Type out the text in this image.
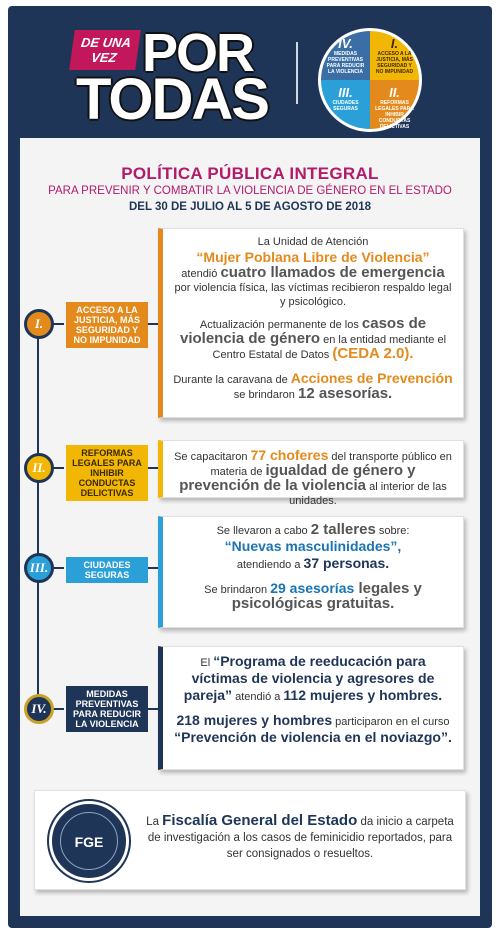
DE UNA VEZ POR
TODAS
IV.
MEDIDAS PREVENTIVAS PARA REDUCIR LA VIOLENCIA
I.
ACCESO A LA JUSTICIA, MÁS SEGURIDAD Y NO IMPUNIDAD
III.
CIUDADES SEGURAS
II.
REFORMAS LEGALES PARA INHIBIR CONDUCTAS DELICTIVAS
POLÍTICA PÚBLICA INTEGRAL
PARA PREVENIR Y COMBATIR LA VIOLENCIA DE GÉNERO EN EL ESTADO
DEL 30 DE JULIO AL 5 DE AGOSTO DE 2018
I.
ACCESO A LA JUSTICIA, MÁS SEGURIDAD Y NO IMPUNIDAD

La Unidad de Atención
“Mujer Poblana Libre de Violencia”
atendió cuatro llamados de emergencia por violencia física, las víctimas recibieron respaldo legal y psicológico.

Actualización permanente de los casos de violencia de género en la entidad mediante el Centro Estatal de Datos (CEDA 2.0).

Durante la caravana de Acciones de Prevención se brindaron 12 asesorías.

II.
REFORMAS LEGALES PARA INHIBIR CONDUCTAS DELICTIVAS

Se capacitaron 77 choferes del transporte público en materia de igualdad de género y prevención de la violencia al interior de las unidades.

III.	CIUDADES SEGURAS

Se llevaron a cabo 2 talleres sobre:
“Nuevas masculinidades”,
atendiendo a 37 personas.

Se brindaron 29 asesorías legales y psicológicas gratuitas.

IV.
MEDIDAS PREVENTIVAS PARA REDUCIR LA VIOLENCIA

El “Programa de reeducación para víctimas de violencia y agresores de pareja” atendió a 112 mujeres y hombres.

218 mujeres y hombres participaron en el curso “Prevención de violencia en el noviazgo”.

FGE
La Fiscalía General del Estado da inicio a carpeta de investigación a los casos de feminicidio reportados, para ser consignados o resueltos.
